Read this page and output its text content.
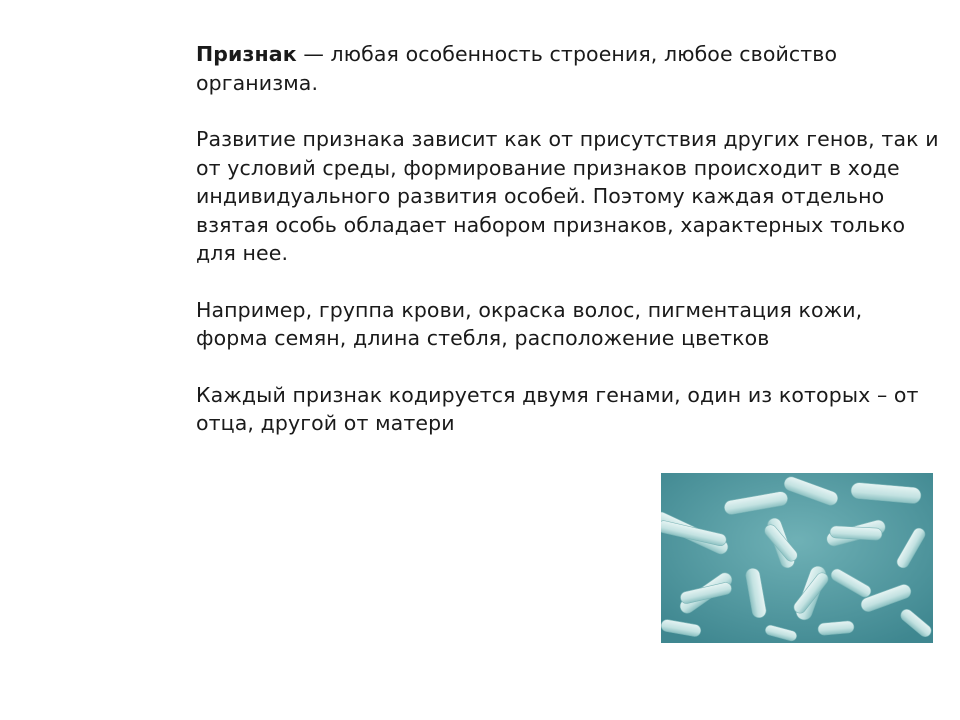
Признак — любая особенность строения, любое свойство организма.

Развитие признака зависит как от присутствия других генов, так и от условий среды, формирование признаков происходит в ходе индивидуального развития особей. Поэтому каждая отдельно взятая особь обладает набором признаков, характерных только для нее.

Например, группа крови, окраска волос, пигментация кожи,  форма семян, длина стебля, расположение цветков

Каждый признак кодируется двумя генами, один из которых – от отца, другой от матери
